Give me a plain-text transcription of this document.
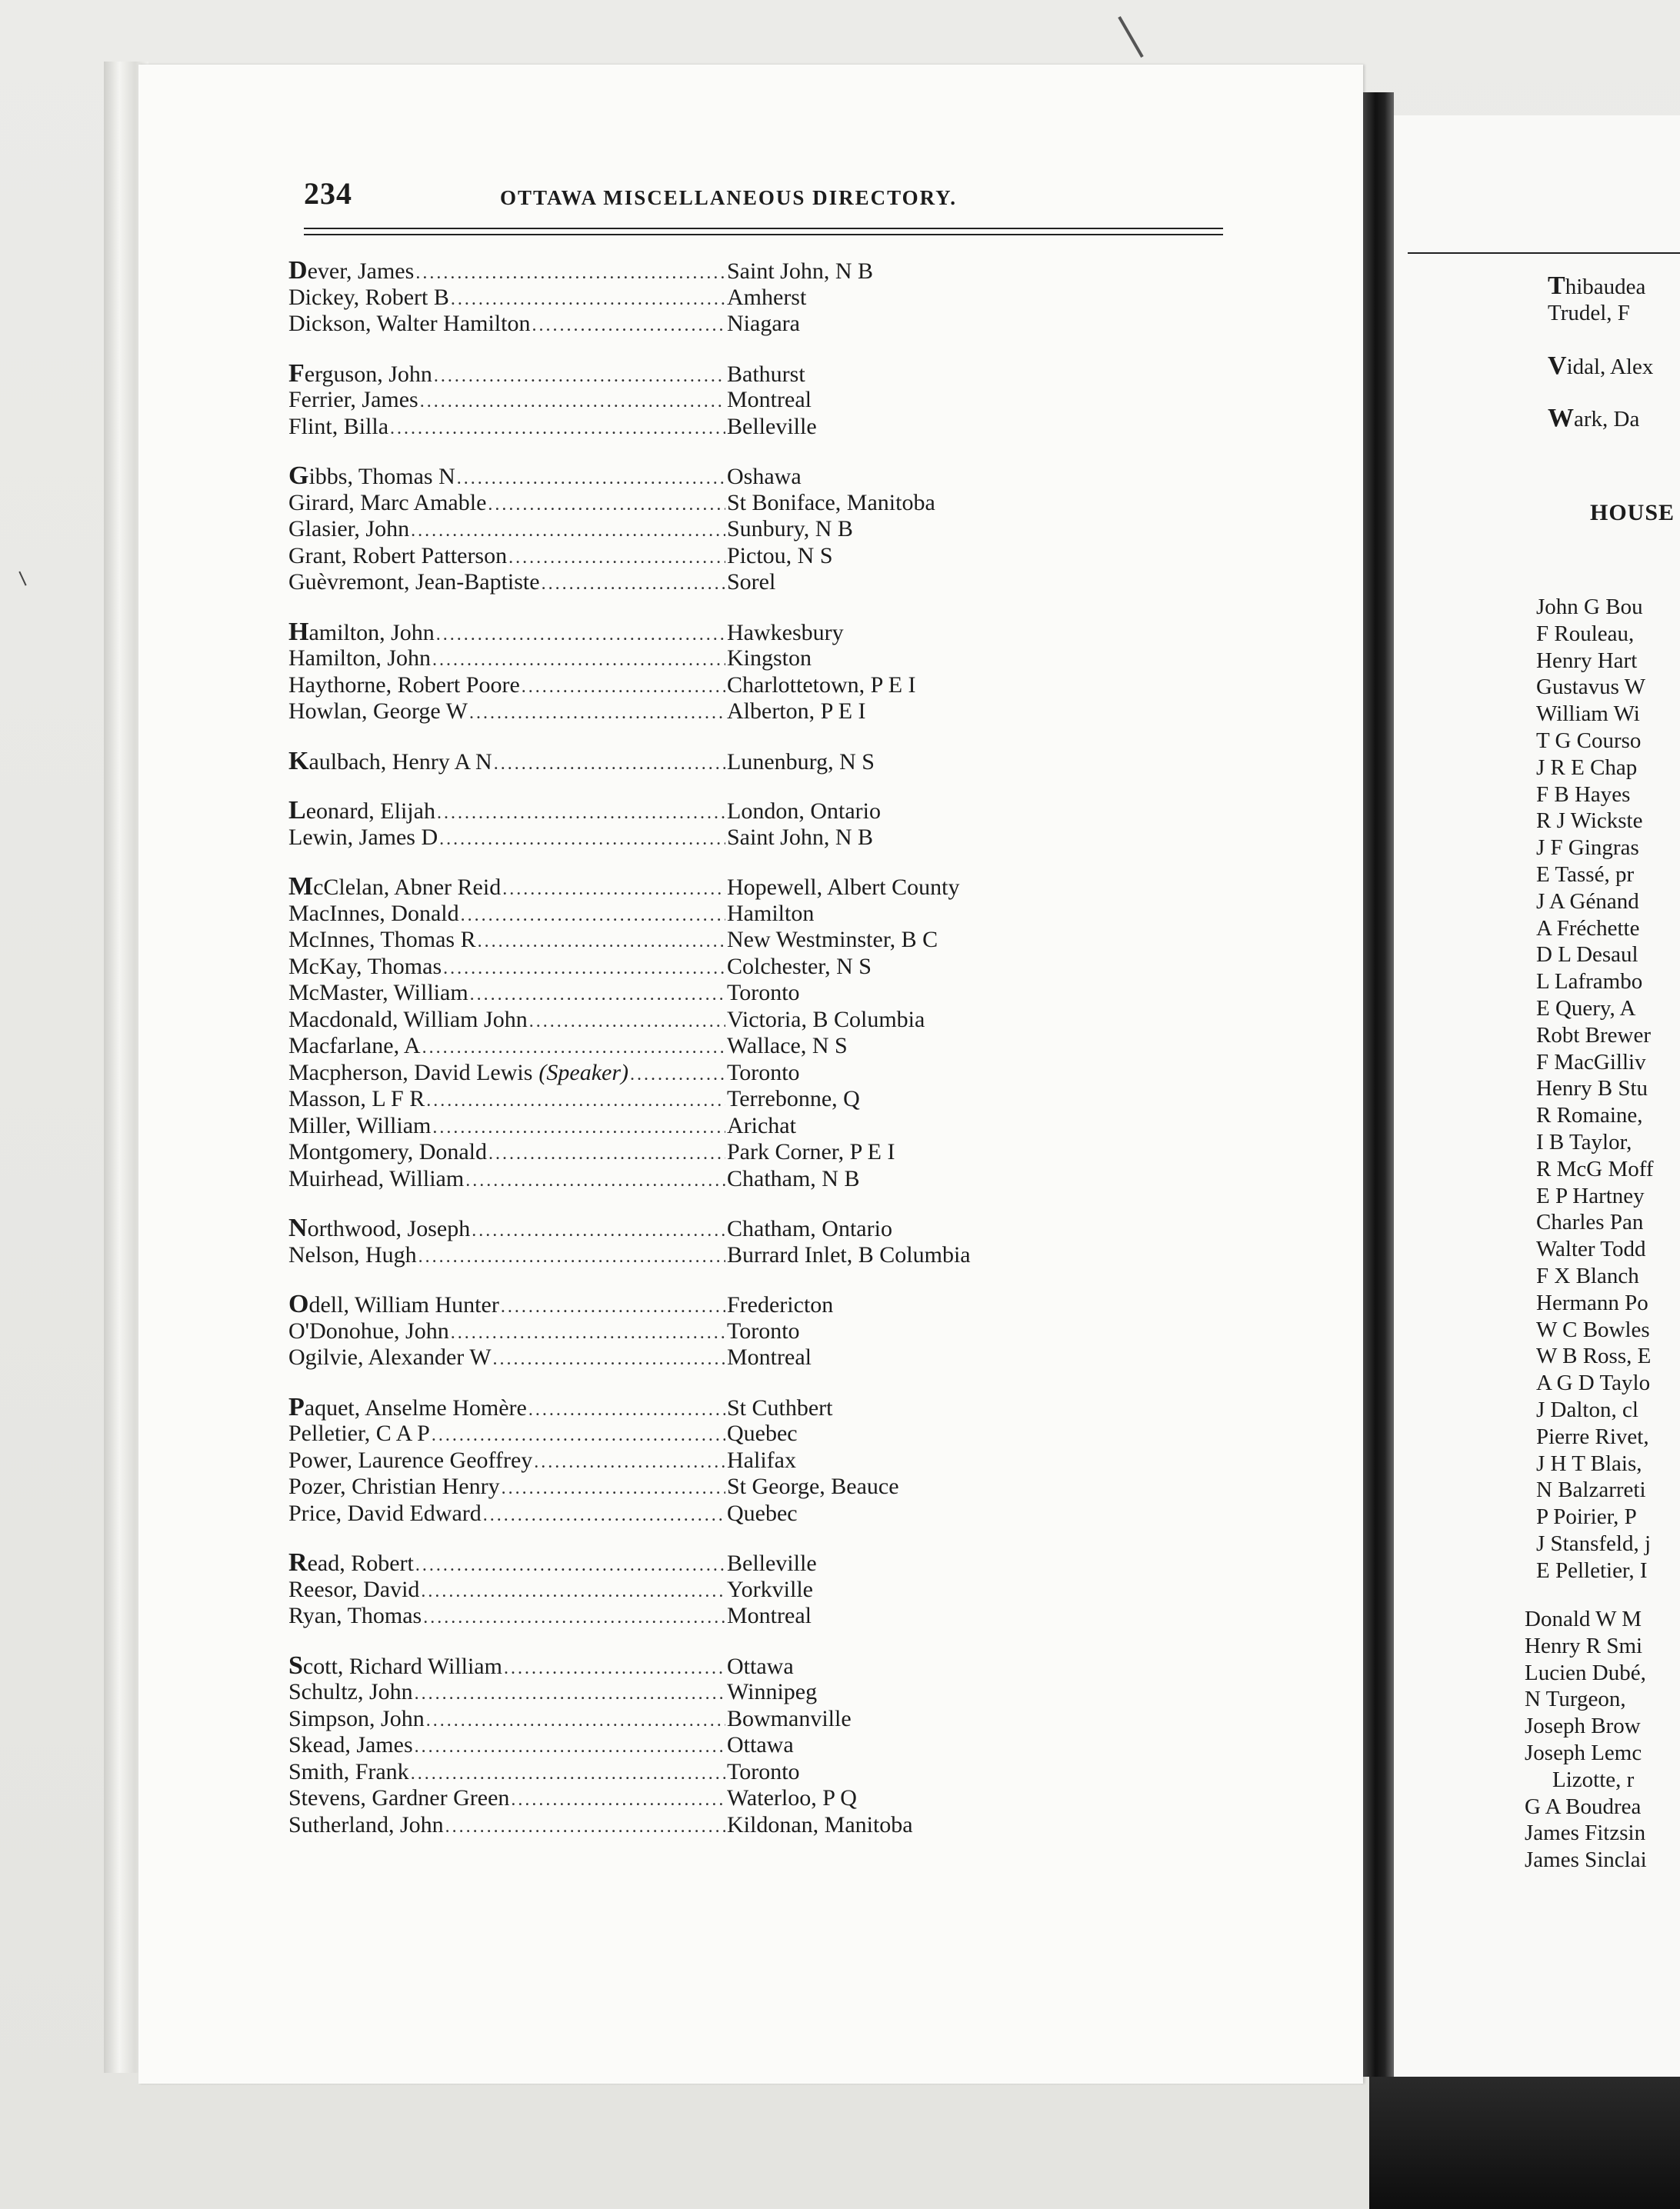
234	OTTAWA MISCELLANEOUS DIRECTORY.
Dever, James .....	Saint John, N B
Dickey, Robert B .....	Amherst
Dickson, Walter Hamilton .....	Niagara
Ferguson, John .....	Bathurst
Ferrier, James .....	Montreal
Flint, Billa .....	Belleville
Gibbs, Thomas N .....	Oshawa
Girard, Marc Amable .....	St Boniface, Manitoba
Glasier, John .....	Sunbury, N B
Grant, Robert Patterson .....	Pictou, N S
Guèvremont, Jean-Baptiste .....	Sorel
Hamilton, John .....	Hawkesbury
Hamilton, John .....	Kingston
Haythorne, Robert Poore .....	Charlottetown, P E I
Howlan, George W .....	Alberton, P E I
Kaulbach, Henry A N .....	Lunenburg, N S
Leonard, Elijah .....	London, Ontario
Lewin, James D .....	Saint John, N B
McClelan, Abner Reid .....	Hopewell, Albert County
MacInnes, Donald .....	Hamilton
McInnes, Thomas R .....	New Westminster, B C
McKay, Thomas .....	Colchester, N S
McMaster, William .....	Toronto
Macdonald, William John .....	Victoria, B Columbia
Macfarlane, A .....	Wallace, N S
Macpherson, David Lewis (Speaker) .....	Toronto
Masson, L F R .....	Terrebonne, Q
Miller, William .....	Arichat
Montgomery, Donald .....	Park Corner, P E I
Muirhead, William .....	Chatham, N B
Northwood, Joseph .....	Chatham, Ontario
Nelson, Hugh .....	Burrard Inlet, B Columbia
Odell, William Hunter .....	Fredericton
O'Donohue, John .....	Toronto
Ogilvie, Alexander W .....	Montreal
Paquet, Anselme Homère .....	St Cuthbert
Pelletier, C A P .....	Quebec
Power, Laurence Geoffrey .....	Halifax
Pozer, Christian Henry .....	St George, Beauce
Price, David Edward .....	Quebec
Read, Robert .....	Belleville
Reesor, David .....	Yorkville
Ryan, Thomas .....	Montreal
Scott, Richard William .....	Ottawa
Schultz, John .....	Winnipeg
Simpson, John .....	Bowmanville
Skead, James .....	Ottawa
Smith, Frank .....	Toronto
Stevens, Gardner Green .....	Waterloo, P Q
Sutherland, John .....	Kildonan, Manitoba
Thibaudea
Trudel, F
Vidal, Alex
Wark, Da
HOUSE
John G Bou
F Rouleau,
Henry Hart
Gustavus W
William Wi
T G Courso
J R E Chap
F B Hayes
R J Wickste
J F Gingras
E Tassé, pr
J A Génand
A Fréchette
D L Desaul
L Laframbo
E Query, A
Robt Brewer
F MacGilliv
Henry B Stu
R Romaine,
I B Taylor,
R McG Moff
E P Hartney
Charles Pan
Walter Todd
F X Blanch
Hermann Po
W C Bowles
W B Ross, E
A G D Taylo
J Dalton, cl
Pierre Rivet,
J H T Blais,
N Balzarreti
P Poirier, P
J Stansfeld, j
E Pelletier, I
Donald W M
Henry R Smi
Lucien Dubé,
N Turgeon,
Joseph Brow
Joseph Lemc
Lizotte, r
G A Boudrea
James Fitzsin
James Sinclai
